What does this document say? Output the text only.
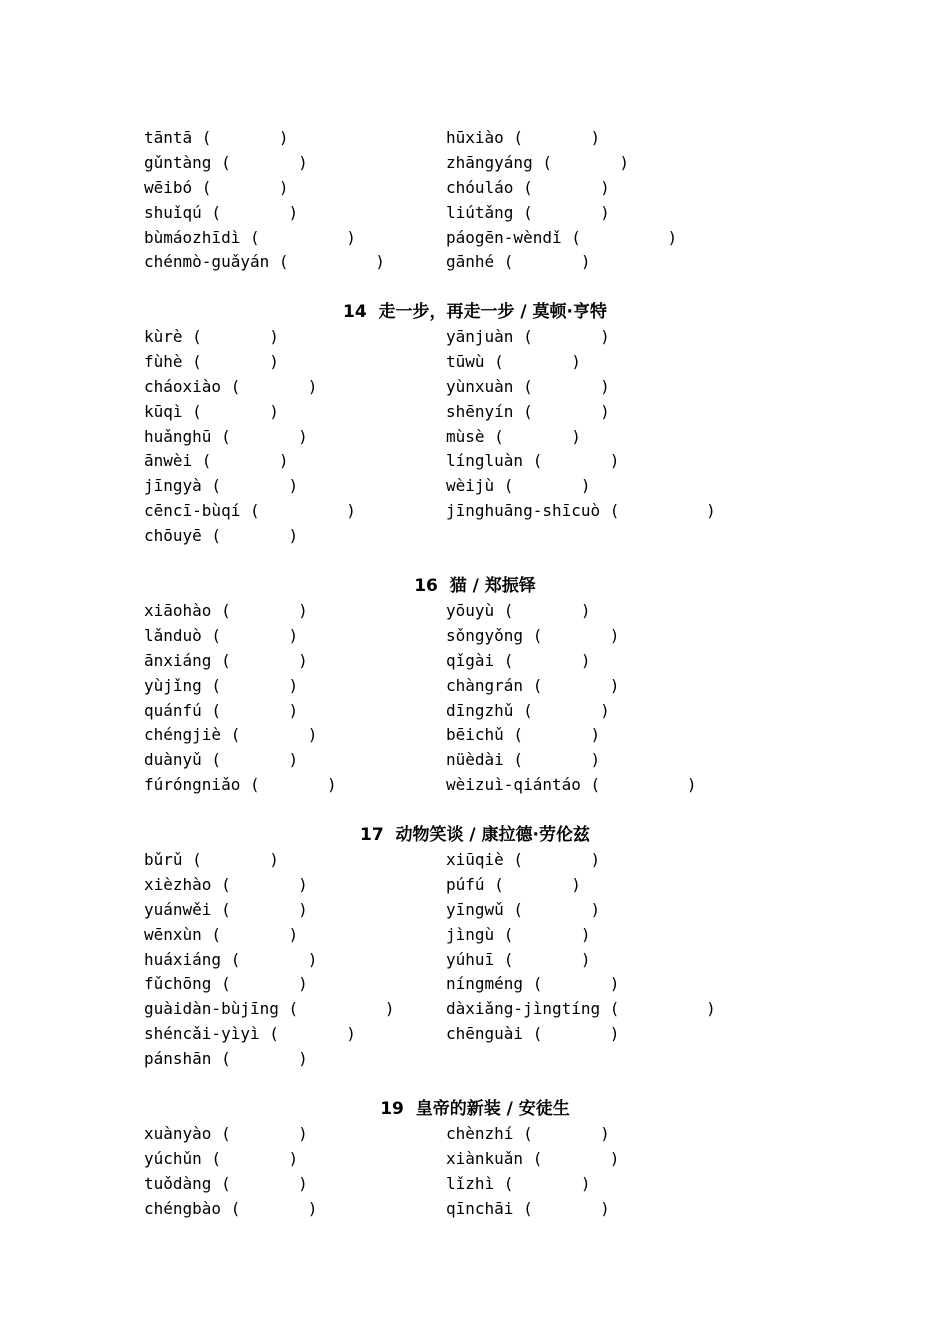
tāntā (       )	hūxiào (       )
gǔntàng (       )	zhāngyáng (       )
wēibó (       )	chóuláo (       )
shuǐqú (       )	liútǎng (       )
bùmáozhīdì (         )	páogēn-wèndǐ (         )
chénmò-guǎyán (         )	gānhé (       )
14  走一步，再走一步 / 莫顿·亨特
kùrè (       )	yānjuàn (       )
fùhè (       )	tūwù (       )
cháoxiào (       )	yùnxuàn (       )
kūqì (       )	shēnyín (       )
huǎnghū (       )	mùsè (       )
ānwèi (       )	língluàn (       )
jīngyà (       )	wèijù (       )
cēncī-bùqí (         )	jīnghuāng-shīcuò (         )
chōuyē (       )
16  猫 / 郑振铎
xiāohào (       )	yōuyù (       )
lǎnduò (       )	sǒngyǒng (       )
ānxiáng (       )	qǐgài (       )
yùjǐng (       )	chàngrán (       )
quánfú (       )	dīngzhǔ (       )
chéngjiè (       )	bēichǔ (       )
duànyǔ (       )	nüèdài (       )
fúróngniǎo (       )	wèizuì-qiántáo (         )
17  动物笑谈 / 康拉德·劳伦兹
bǔrǔ (       )	xiūqiè (       )
xièzhào (       )	púfú (       )
yuánwěi (       )	yīngwǔ (       )
wēnxùn (       )	jìngù (       )
huáxiáng (       )	yúhuī (       )
fǔchōng (       )	níngméng (       )
guàidàn-bùjīng (         )	dàxiǎng-jìngtíng (         )
shéncǎi-yìyì (       )	chēnguài (       )
pánshān (       )
19  皇帝的新装 / 安徒生
xuànyào (       )	chènzhí (       )
yúchǔn (       )	xiànkuǎn (       )
tuǒdàng (       )	lǐzhì (       )
chéngbào (       )	qīnchāi (       )
